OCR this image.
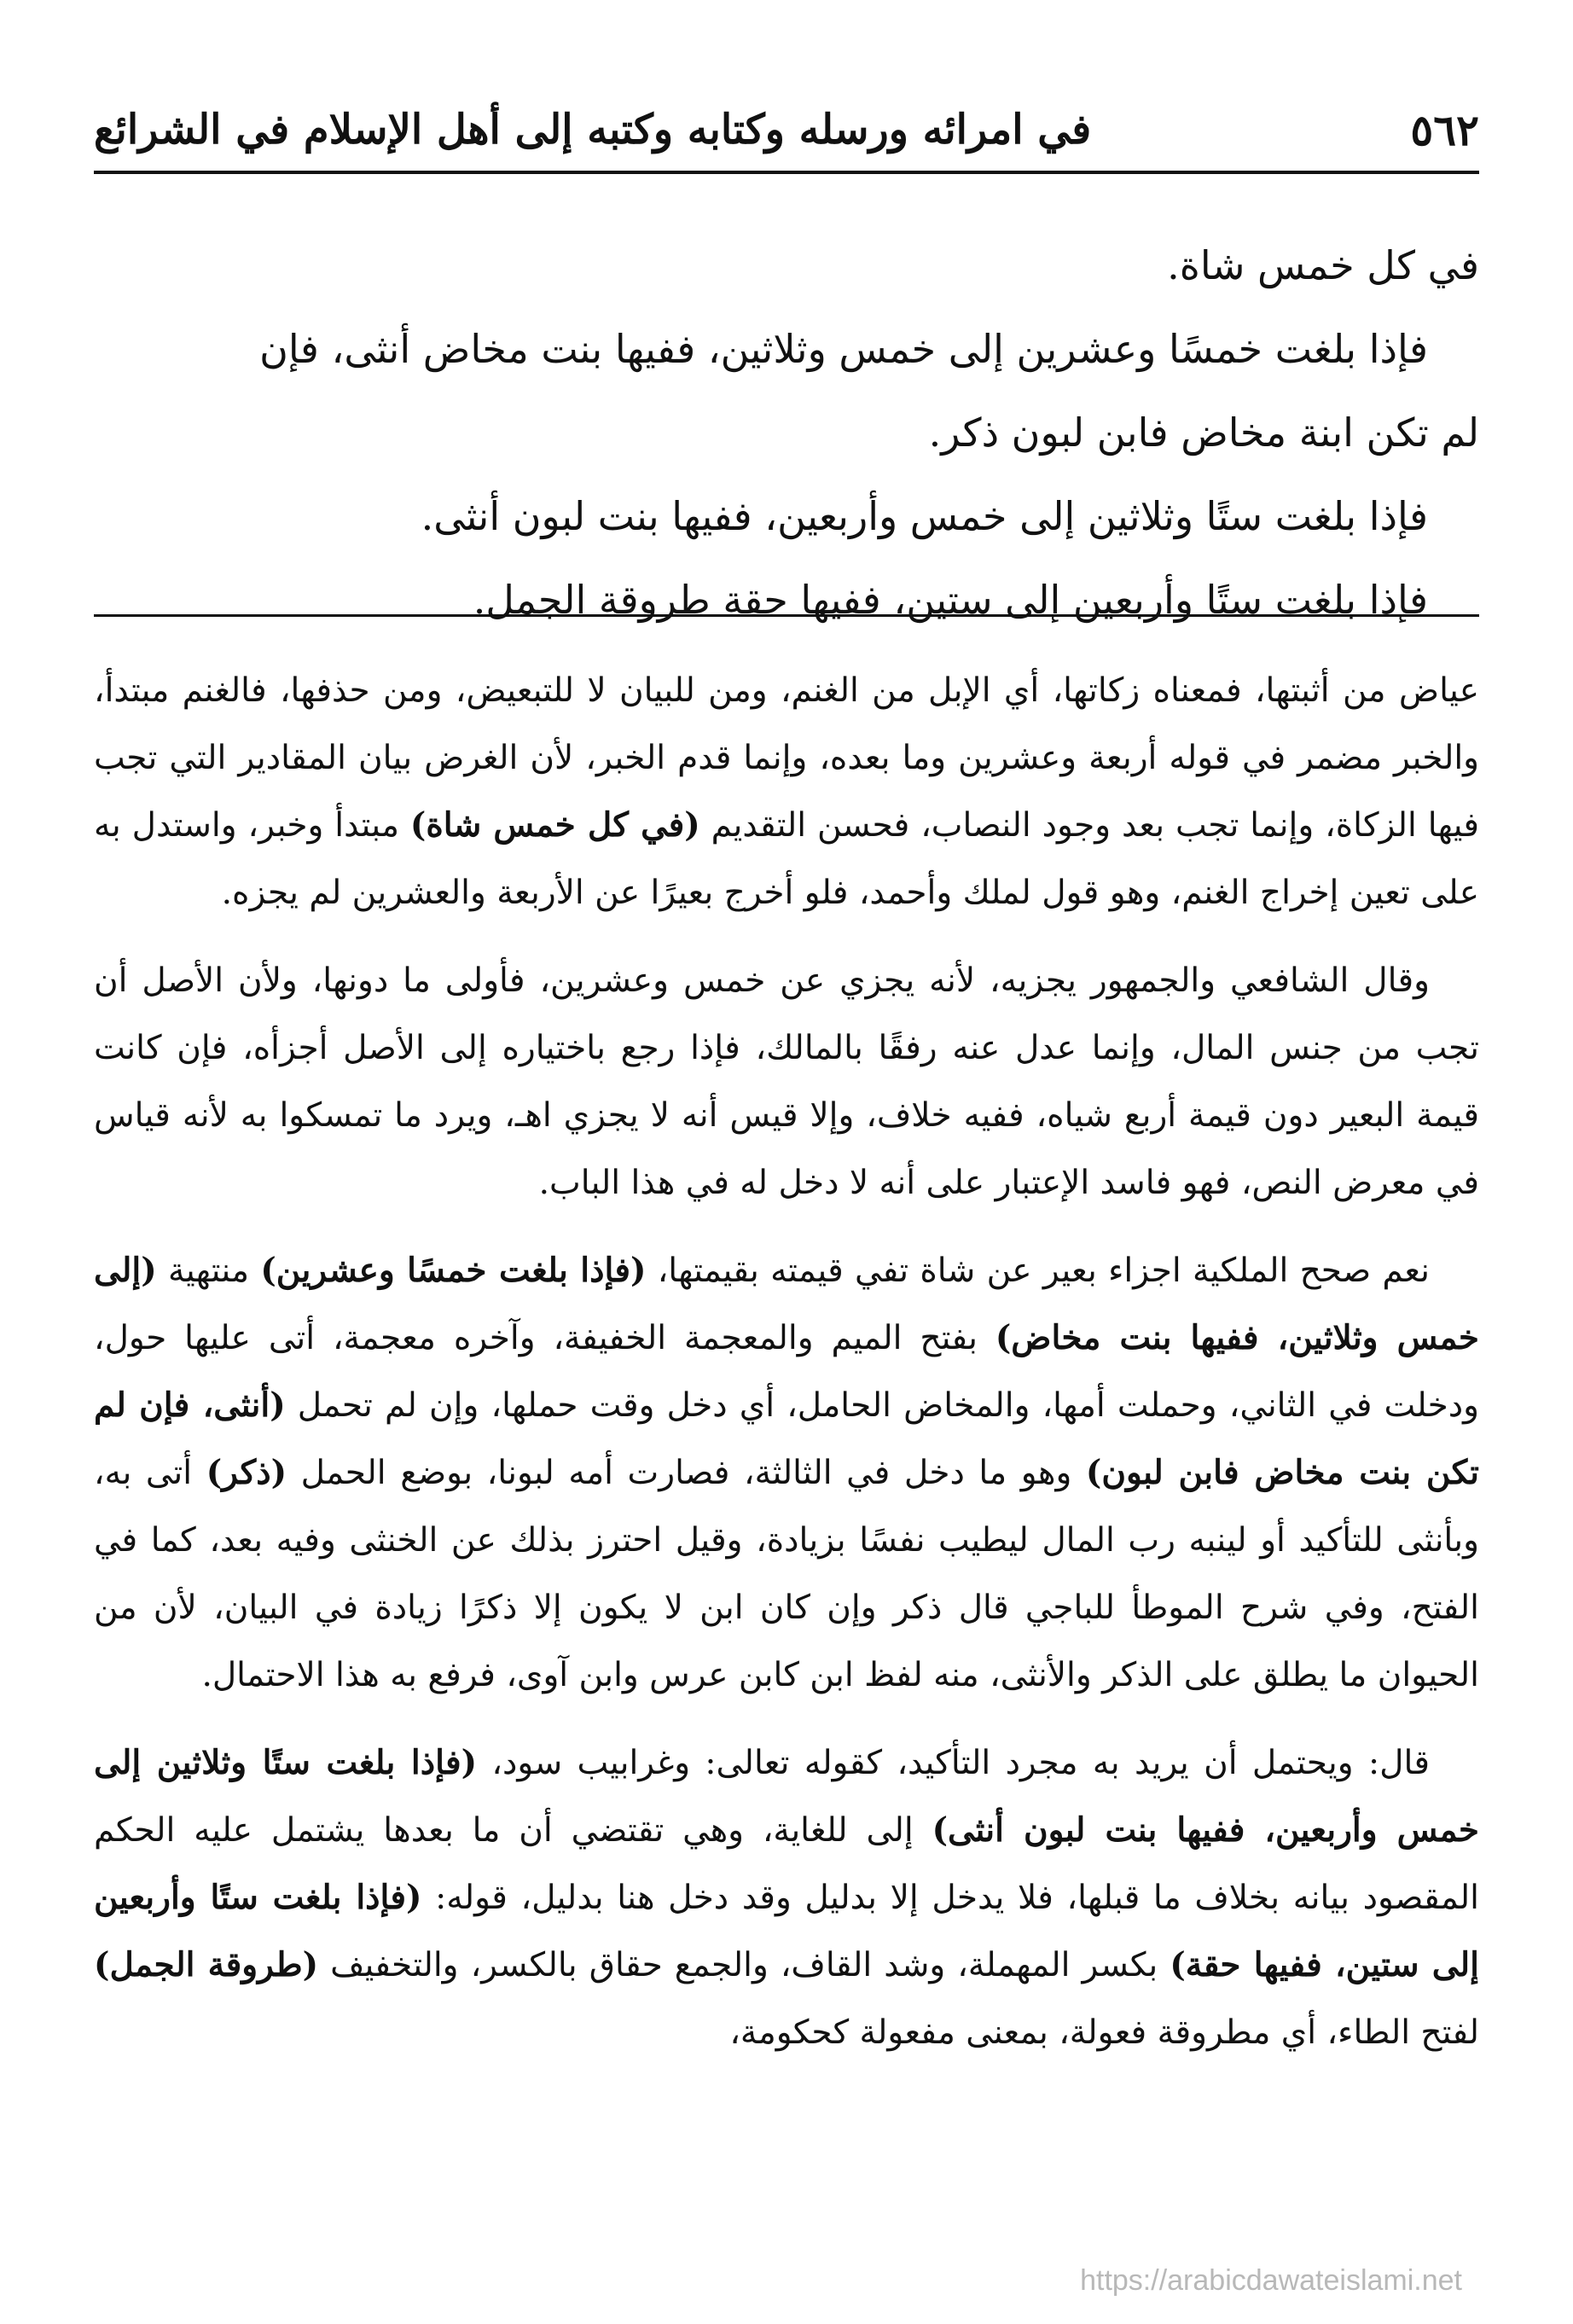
٥٦٢
في امرائه ورسله وكتابه وكتبه إلى أهل الإسلام في الشرائع

في كل خمس شاة.

فإذا بلغت خمسًا وعشرين إلى خمس وثلاثين، ففيها بنت مخاض أنثى، فإن

لم تكن ابنة مخاض فابن لبون ذكر.

فإذا بلغت ستًا وثلاثين إلى خمس وأربعين، ففيها بنت لبون أنثى.

فإذا بلغت ستًا وأربعين إلى ستين، ففيها حقة طروقة الجمل.

عياض من أثبتها، فمعناه زكاتها، أي الإبل من الغنم، ومن للبيان لا للتبعيض، ومن حذفها، فالغنم مبتدأ، والخبر مضمر في قوله أربعة وعشرين وما بعده، وإنما قدم الخبر، لأن الغرض بيان المقادير التي تجب فيها الزكاة، وإنما تجب بعد وجود النصاب، فحسن التقديم (في كل خمس شاة) مبتدأ وخبر، واستدل به على تعين إخراج الغنم، وهو قول لملك وأحمد، فلو أخرج بعيرًا عن الأربعة والعشرين لم يجزه.

وقال الشافعي والجمهور يجزيه، لأنه يجزي عن خمس وعشرين، فأولى ما دونها، ولأن الأصل أن تجب من جنس المال، وإنما عدل عنه رفقًا بالمالك، فإذا رجع باختياره إلى الأصل أجزأه، فإن كانت قيمة البعير دون قيمة أربع شياه، ففيه خلاف، وإلا قيس أنه لا يجزي اهـ، ويرد ما تمسكوا به لأنه قياس في معرض النص، فهو فاسد الإعتبار على أنه لا دخل له في هذا الباب.

نعم صحح الملكية اجزاء بعير عن شاة تفي قيمته بقيمتها، (فإذا بلغت خمسًا وعشرين) منتهية (إلى خمس وثلاثين، ففيها بنت مخاض) بفتح الميم والمعجمة الخفيفة، وآخره معجمة، أتى عليها حول، ودخلت في الثاني، وحملت أمها، والمخاض الحامل، أي دخل وقت حملها، وإن لم تحمل (أنثى، فإن لم تكن بنت مخاض فابن لبون) وهو ما دخل في الثالثة، فصارت أمه لبونا، بوضع الحمل (ذكر) أتى به، وبأنثى للتأكيد أو لينبه رب المال ليطيب نفسًا بزيادة، وقيل احترز بذلك عن الخنثى وفيه بعد، كما في الفتح، وفي شرح الموطأ للباجي قال ذكر وإن كان ابن لا يكون إلا ذكرًا زيادة في البيان، لأن من الحيوان ما يطلق على الذكر والأنثى، منه لفظ ابن كابن عرس وابن آوى، فرفع به هذا الاحتمال.

قال: ويحتمل أن يريد به مجرد التأكيد، كقوله تعالى: وغرابيب سود، (فإذا بلغت ستًا وثلاثين إلى خمس وأربعين، ففيها بنت لبون أنثى) إلى للغاية، وهي تقتضي أن ما بعدها يشتمل عليه الحكم المقصود بيانه بخلاف ما قبلها، فلا يدخل إلا بدليل وقد دخل هنا بدليل، قوله: (فإذا بلغت ستًا وأربعين إلى ستين، ففيها حقة) بكسر المهملة، وشد القاف، والجمع حقاق بالكسر، والتخفيف (طروقة الجمل) لفتح الطاء، أي مطروقة فعولة، بمعنى مفعولة كحكومة،

https://arabicdawateislami.net
